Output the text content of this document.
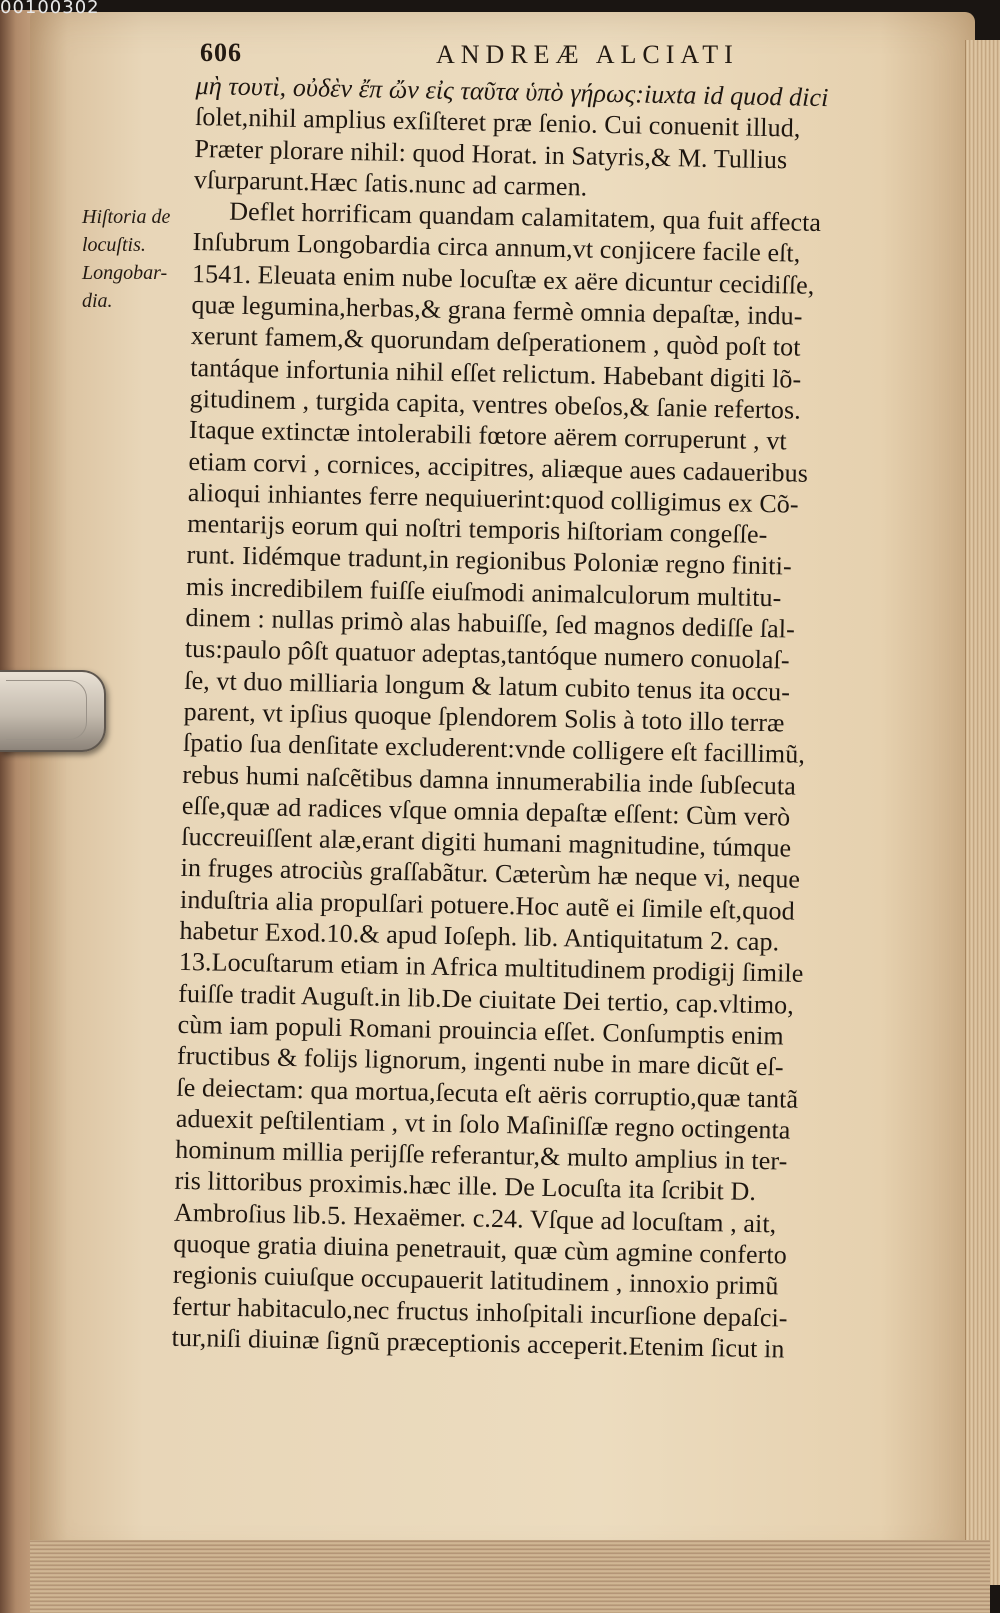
00100302
606	ANDREÆ ALCIATI
Hiſtoria de
locuſtis.
Longobar-
dia.
μὴ τουτὶ, οὐδὲν ἔπ ὤν εἰς ταῦτα ὑπὸ γήρως:iuxta id quod dici
ſolet,nihil amplius exſiſteret præ ſenio. Cui conuenit illud,
Præter plorare nihil: quod Horat. in Satyris,& M. Tullius
vſurparunt.Hæc ſatis.nunc ad carmen.
Deflet horrificam quandam calamitatem, qua fuit affecta
Inſubrum Longobardia circa annum,vt conjicere facile eſt,
1541. Eleuata enim nube locuſtæ ex aëre dicuntur cecidiſſe,
quæ legumina,herbas,& grana fermè omnia depaſtæ, indu-
xerunt famem,& quorundam deſperationem , quòd poſt tot
tantáque infortunia nihil eſſet relictum. Habebant digiti lõ-
gitudinem , turgida capita, ventres obeſos,& ſanie refertos.
Itaque extinctæ intolerabili fœtore aërem corruperunt , vt
etiam corvi , cornices, accipitres, aliæque aues cadaueribus
alioqui inhiantes ferre nequiuerint:quod colligimus ex Cõ-
mentarijs eorum qui noſtri temporis hiſtoriam congeſſe-
runt. Iidémque tradunt,in regionibus Poloniæ regno finiti-
mis incredibilem fuiſſe eiuſmodi animalculorum multitu-
dinem : nullas primò alas habuiſſe, ſed magnos dediſſe ſal-
tus:paulo pôſt quatuor adeptas,tantóque numero conuolaſ-
ſe, vt duo milliaria longum & latum cubito tenus ita occu-
parent, vt ipſius quoque ſplendorem Solis à toto illo terræ
ſpatio ſua denſitate excluderent:vnde colligere eſt facillimũ,
rebus humi naſcẽtibus damna innumerabilia inde ſubſecuta
eſſe,quæ ad radices vſque omnia depaſtæ eſſent: Cùm verò
ſuccreuiſſent alæ,erant digiti humani magnitudine, túmque
in fruges atrociùs graſſabãtur. Cæterùm hæ neque vi, neque
induſtria alia propulſari potuere.Hoc autẽ ei ſimile eſt,quod
habetur Exod.10.& apud Ioſeph. lib. Antiquitatum 2. cap.
13.Locuſtarum etiam in Africa multitudinem prodigij ſimile
fuiſſe tradit Auguſt.in lib.De ciuitate Dei tertio, cap.vltimo,
cùm iam populi Romani prouincia eſſet. Conſumptis enim
fructibus & folijs lignorum, ingenti nube in mare dicũt eſ-
ſe deiectam: qua mortua,ſecuta eſt aëris corruptio,quæ tantã
aduexit peſtilentiam , vt in ſolo Maſiniſſæ regno octingenta
hominum millia perijſſe referantur,& multo amplius in ter-
ris littoribus proximis.hæc ille. De Locuſta ita ſcribit D.
Ambroſius lib.5. Hexaëmer. c.24. Vſque ad locuſtam , ait,
quoque gratia diuina penetrauit, quæ cùm agmine conferto
regionis cuiuſque occupauerit latitudinem , innoxio primũ
fertur habitaculo,nec fructus inhoſpitali incurſione depaſci-
tur,niſi diuinæ ſignũ præceptionis acceperit.Etenim ſicut in
